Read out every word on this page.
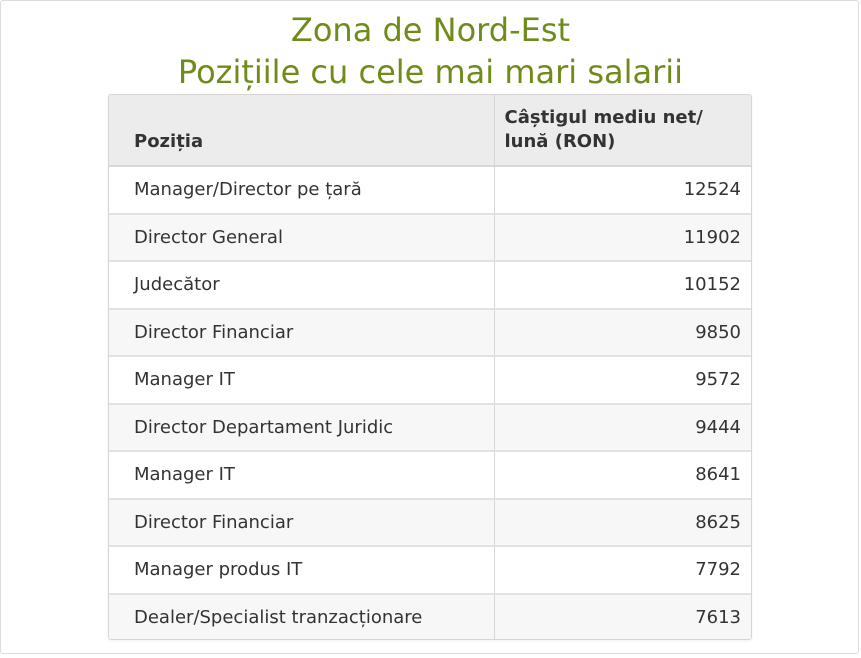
Zona de Nord-Est
Pozițiile cu cele mai mari salarii
Poziția	Câștigul mediu net/ lună (RON)
Manager/Director pe țară	12524
Director General	11902
Judecător	10152
Director Financiar	9850
Manager IT	9572
Director Departament Juridic	9444
Manager IT	8641
Director Financiar	8625
Manager produs IT	7792
Dealer/Specialist tranzacționare	7613
